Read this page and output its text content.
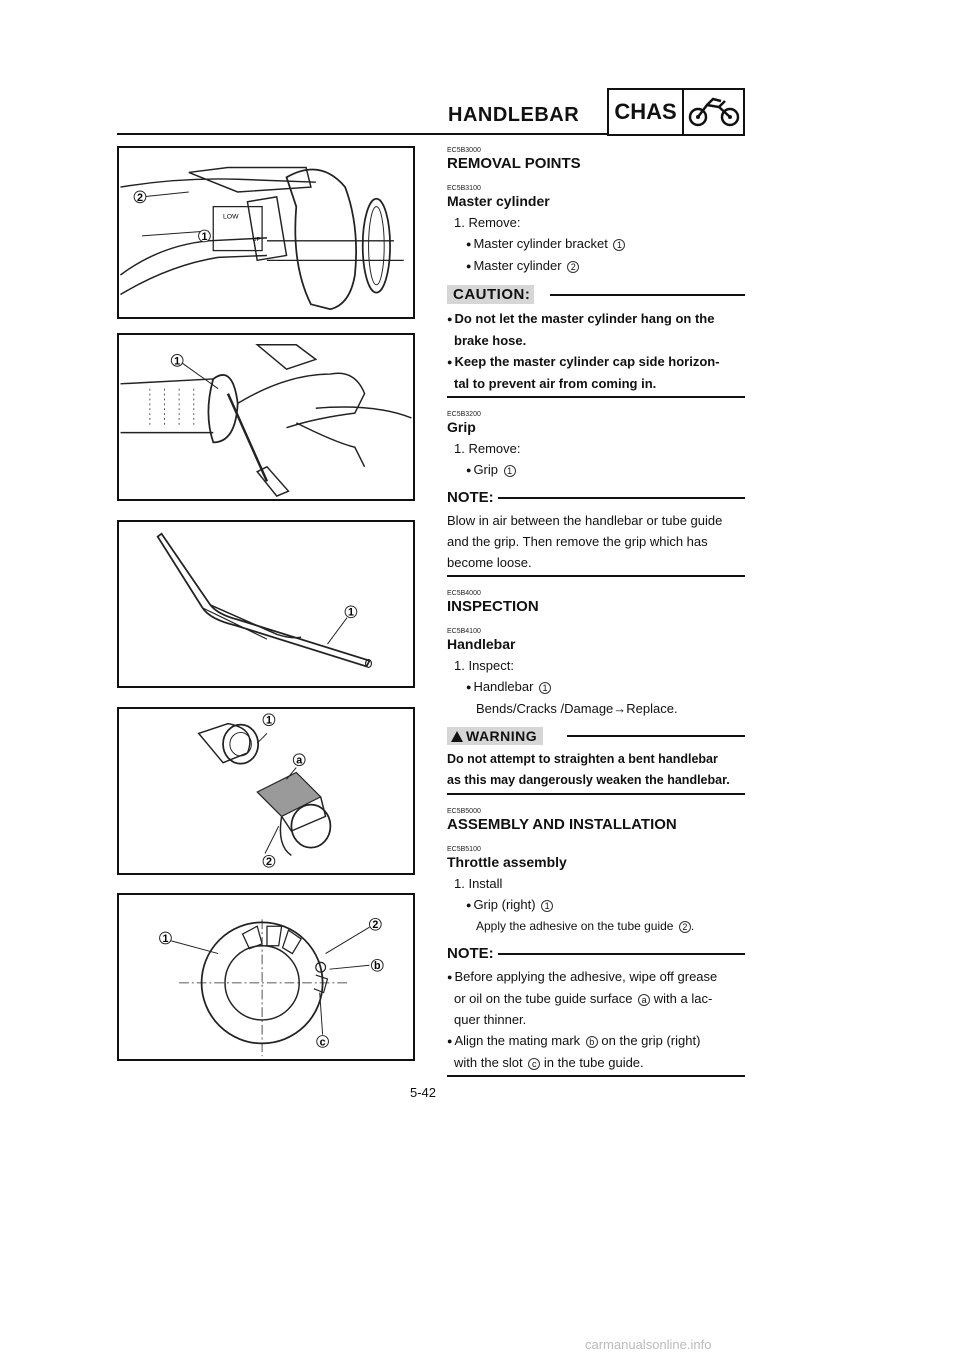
HANDLEBAR CHAS
2
1
LOW
UP
1
1
1
a
2
1
2
b
c
EC5B3000
REMOVAL POINTS
EC5B3100
Master cylinder
1. Remove:
● Master cylinder bracket 1
● Master cylinder 2
CAUTION:
● Do not let the master cylinder hang on the
brake hose.
● Keep the master cylinder cap side horizon-
tal to prevent air from coming in.
EC5B3200
Grip
1. Remove:
● Grip 1
NOTE:
Blow in air between the handlebar or tube guide
and the grip. Then remove the grip which has
become loose.
EC5B4000
INSPECTION
EC5B4100
Handlebar
1. Inspect:
● Handlebar 1
Bends/Cracks /Damage→Replace.
WARNING
Do not attempt to straighten a bent handlebar
as this may dangerously weaken the handlebar.
EC5B5000
ASSEMBLY AND INSTALLATION
EC5B5100
Throttle assembly
1. Install
● Grip (right) 1
Apply the adhesive on the tube guide 2 .
NOTE:
● Before applying the adhesive, wipe off grease
or oil on the tube guide surface a with a lac-
quer thinner.
● Align the mating mark b on the grip (right)
with the slot c in the tube guide.
5-42
carmanualsonline.info
